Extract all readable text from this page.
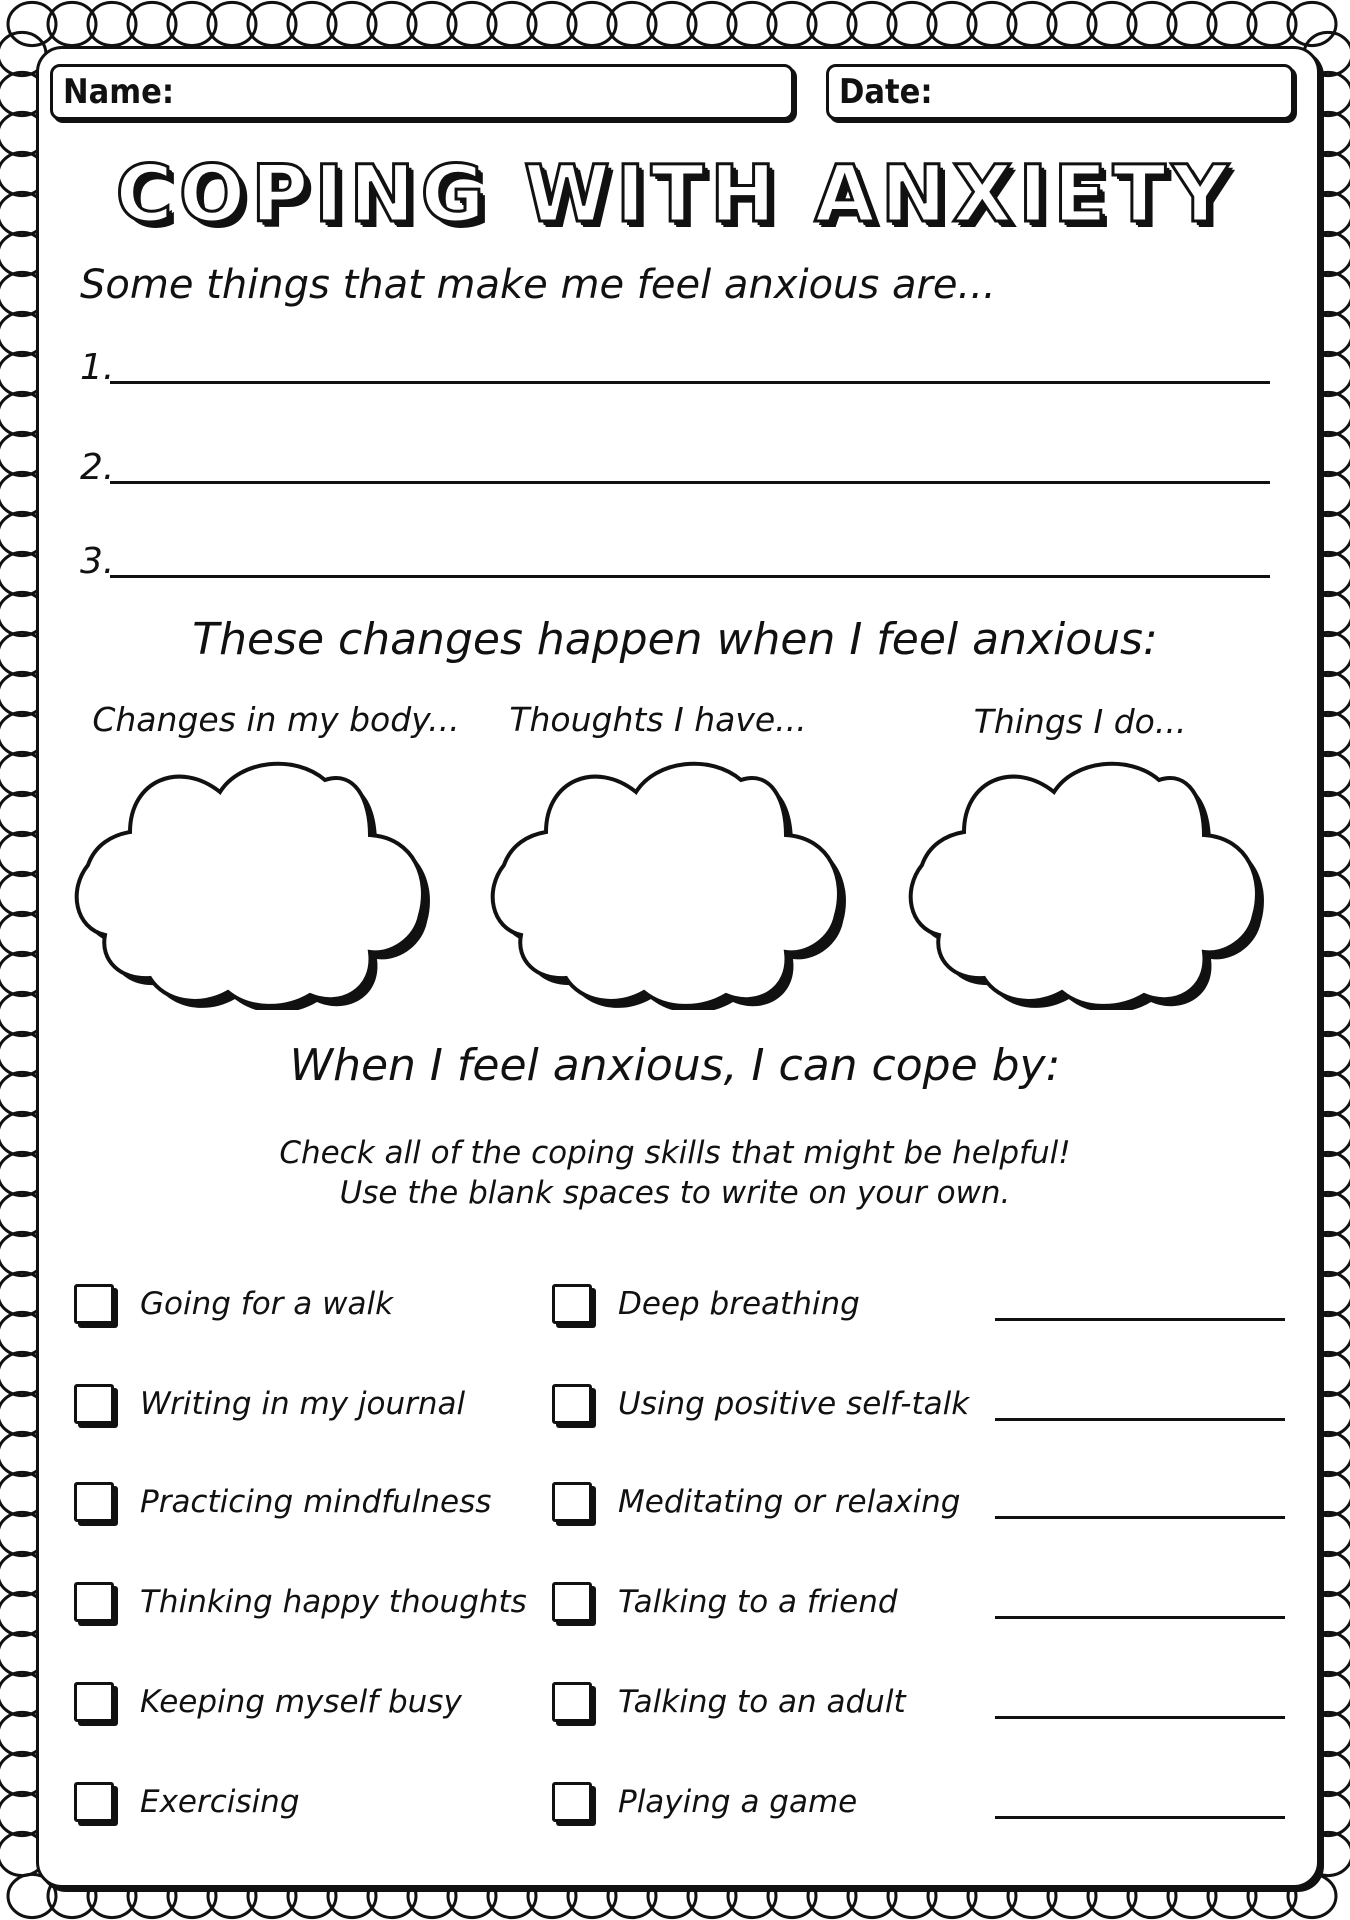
Name:	Date:
COPING WITH ANXIETY
Some things that make me feel anxious are...
1.
2.
3.
These changes happen when I feel anxious:
Changes in my body...	Thoughts I have...	Things I do...
When I feel anxious, I can cope by:
Check all of the coping skills that might be helpful!
Use the blank spaces to write on your own.
Going for a walk
Writing in my journal
Practicing mindfulness
Thinking happy thoughts
Keeping myself busy
Exercising
Deep breathing
Using positive self-talk
Meditating or relaxing
Talking to a friend
Talking to an adult
Playing a game
